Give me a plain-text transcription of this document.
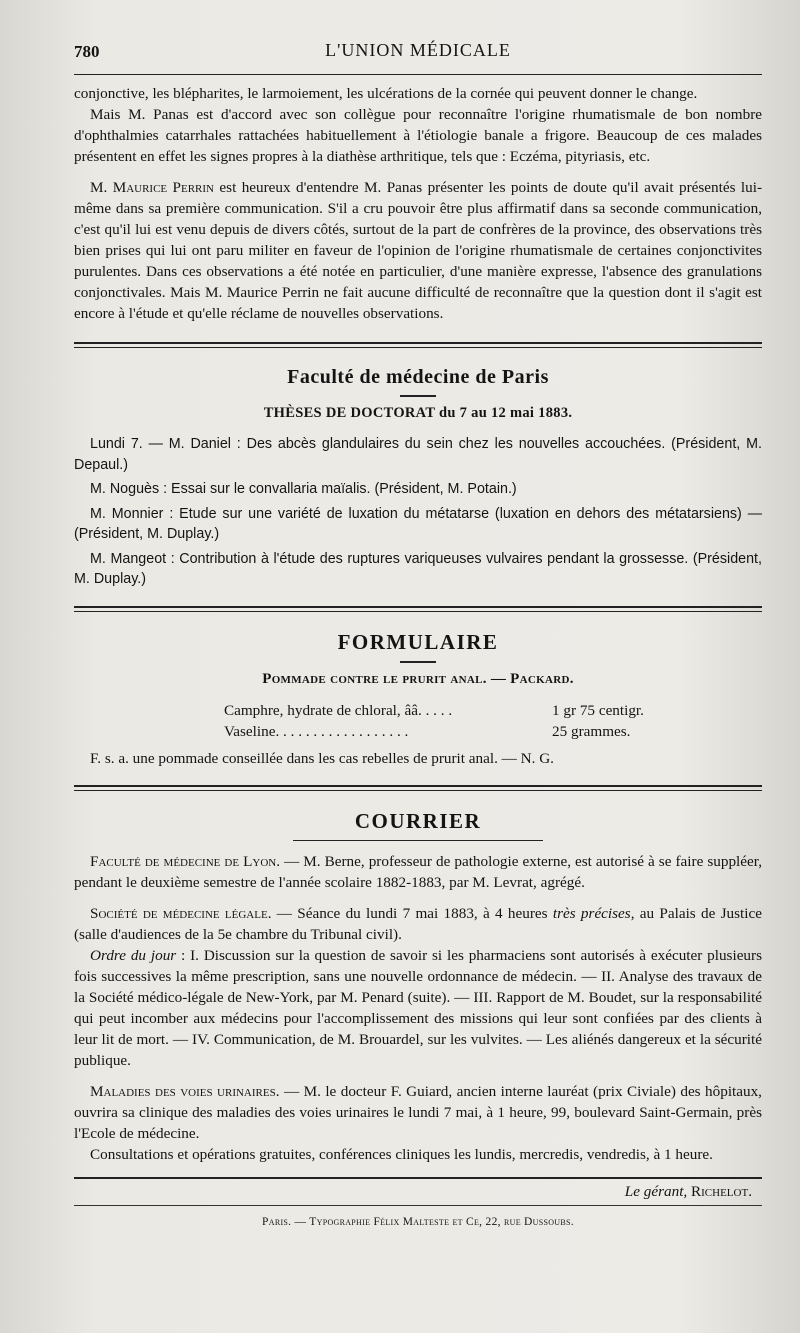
780	L'UNION MÉDICALE

conjonctive, les blépharites, le larmoiement, les ulcérations de la cornée qui peuvent donner le change.

Mais M. Panas est d'accord avec son collègue pour reconnaître l'origine rhumatismale de bon nombre d'ophthalmies catarrhales rattachées habituellement à l'étiologie banale a frigore. Beaucoup de ces malades présentent en effet les signes propres à la diathèse arthritique, tels que : Eczéma, pityriasis, etc.

M. Maurice Perrin est heureux d'entendre M. Panas présenter les points de doute qu'il avait présentés lui-même dans sa première communication. S'il a cru pouvoir être plus affirmatif dans sa seconde communication, c'est qu'il lui est venu depuis de divers côtés, surtout de la part de confrères de la province, des observations très bien prises qui lui ont paru militer en faveur de l'opinion de l'origine rhumatismale de certaines conjonctivites purulentes. Dans ces observations a été notée en particulier, d'une manière expresse, l'absence des granulations conjonctivales. Mais M. Maurice Perrin ne fait aucune difficulté de reconnaître que la question dont il s'agit est encore à l'étude et qu'elle réclame de nouvelles observations.

Faculté de médecine de Paris
THÈSES DE DOCTORAT du 7 au 12 mai 1883.

Lundi 7. — M. Daniel : Des abcès glandulaires du sein chez les nouvelles accouchées. (Président, M. Depaul.)

M. Noguès : Essai sur le convallaria maïalis. (Président, M. Potain.)

M. Monnier : Etude sur une variété de luxation du métatarse (luxation en dehors des métatarsiens) — (Président, M. Duplay.)

M. Mangeot : Contribution à l'étude des ruptures variqueuses vulvaires pendant la grossesse. (Président, M. Duplay.)

FORMULAIRE
Pommade contre le prurit anal. — Packard.
Camphre, hydrate de chloral, ââ. . . . .	1 gr 75 centigr.
Vaseline. . . . . . . . . . . . . . . . . .	25 grammes.

F. s. a. une pommade conseillée dans les cas rebelles de prurit anal. — N. G.

COURRIER

Faculté de médecine de Lyon. — M. Berne, professeur de pathologie externe, est autorisé à se faire suppléer, pendant le deuxième semestre de l'année scolaire 1882-1883, par M. Levrat, agrégé.

Société de médecine légale. — Séance du lundi 7 mai 1883, à 4 heures très précises, au Palais de Justice (salle d'audiences de la 5e chambre du Tribunal civil).

Ordre du jour : I. Discussion sur la question de savoir si les pharmaciens sont autorisés à exécuter plusieurs fois successives la même prescription, sans une nouvelle ordonnance de médecin. — II. Analyse des travaux de la Société médico-légale de New-York, par M. Penard (suite). — III. Rapport de M. Boudet, sur la responsabilité qui peut incomber aux médecins pour l'accomplissement des missions qui leur sont confiées par des clients à leur lit de mort. — IV. Communication, de M. Brouardel, sur les vulvites. — Les aliénés dangereux et la sécurité publique.

Maladies des voies urinaires. — M. le docteur F. Guiard, ancien interne lauréat (prix Civiale) des hôpitaux, ouvrira sa clinique des maladies des voies urinaires le lundi 7 mai, à 1 heure, 99, boulevard Saint-Germain, près l'Ecole de médecine.

Consultations et opérations gratuites, conférences cliniques les lundis, mercredis, vendredis, à 1 heure.

Le gérant, Richelot.
Paris. — Typographie Félix Malteste et Ce, 22, rue Dussoubs.
